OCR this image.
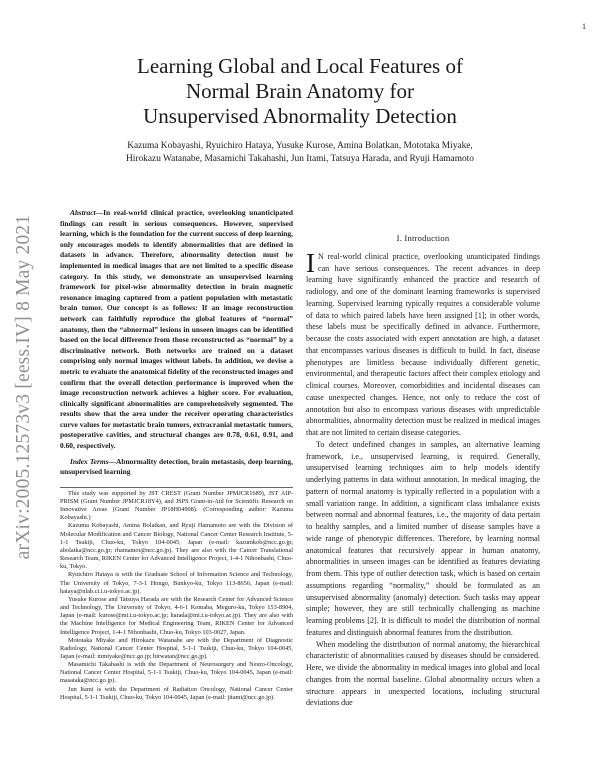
1
arXiv:2005.12573v3 [eess.IV] 8 May 2021
Learning Global and Local Features of
Normal Brain Anatomy for
Unsupervised Abnormality Detection
Kazuma Kobayashi, Ryuichiro Hataya, Yusuke Kurose, Amina Bolatkan, Mototaka Miyake,
Hirokazu Watanabe, Masamichi Takahashi, Jun Itami, Tatsuya Harada, and Ryuji Hamamoto

Abstract—In real-world clinical practice, overlooking unanticipated findings can result in serious consequences. However, supervised learning, which is the foundation for the current success of deep learning, only encourages models to identify abnormalities that are defined in datasets in advance. Therefore, abnormality detection must be implemented in medical images that are not limited to a specific disease category. In this study, we demonstrate an unsupervised learning framework for pixel-wise abnormality detection in brain magnetic resonance imaging captured from a patient population with metastatic brain tumor. Our concept is as follows: If an image reconstruction network can faithfully reproduce the global features of “normal” anatomy, then the “abnormal” lesions in unseen images can be identified based on the local difference from those reconstructed as “normal” by a discriminative network. Both networks are trained on a dataset comprising only normal images without labels. In addition, we devise a metric to evaluate the anatomical fidelity of the reconstructed images and confirm that the overall detection performance is improved when the image reconstruction network achieves a higher score. For evaluation, clinically significant abnormalities are comprehensively segmented. The results show that the area under the receiver operating characteristics curve values for metastatic brain tumors, extracranial metastatic tumors, postoperative cavities, and structural changes are 0.78, 0.61, 0.91, and 0.60, respectively.

Index Terms—Abnormality detection, brain metastasis, deep learning, unsupervised learning

This study was supported by JST CREST (Grant Number JPMJCR1689), JST AIP-PRISM (Grant Number JPMJCR18Y4), and JSPS Grant-in-Aid for Scientific Research on Innovative Areas (Grant Number JP18H04908). (Corresponding author: Kazuma Kobayashi.)

Kazuma Kobayashi, Amina Bolatkan, and Ryuji Hamamoto are with the Division of Molecular Modification and Cancer Biology, National Cancer Center Research Institute, 5-1-1 Tsukiji, Chuo-ku, Tokyo 104-0045, Japan (e-mail: kazumkob@ncc.go.jp; abolatka@ncc.go.jp; rhamamot@ncc.go.jp). They are also with the Cancer Translational Research Team, RIKEN Center for Advanced Intelligence Project, 1-4-1 Nihonbashi, Chuo-ku, Tokyo.

Ryuichiro Hataya is with the Graduate School of Information Science and Technology, The University of Tokyo, 7-3-1 Hongo, Bunkyo-ku, Tokyo 113-8656, Japan (e-mail: hataya@nlab.ci.i.u-tokyo.ac.jp).

Yusuke Kurose and Tatsuya Harada are with the Research Center for Advanced Science and Technology, The University of Tokyo, 4-6-1 Komaba, Meguro-ku, Tokyo 153-8904, Japan (e-mail: kurose@mi.t.u-tokyo.ac.jp; harada@mi.t.u-tokyo.ac.jp). They are also with the Machine Intelligence for Medical Engineering Team, RIKEN Center for Advanced Intelligence Project, 1-4-1 Nihonbashi, Chuo-ku, Tokyo 103-0027, Japan.

Mototaka Miyake and Hirokazu Watanabe are with the Department of Diagnostic Radiology, National Cancer Center Hospital, 5-1-1 Tsukiji, Chuo-ku, Tokyo 104-0045, Japan (e-mail: mmiyake@ncc.go.jp; hirwatan@ncc.go.jp).

Masamichi Takahashi is with the Department of Neurosurgery and Neuro-Oncology, National Cancer Center Hospital, 5-1-1 Tsukiji, Chuo-ku, Tokyo 104-0045, Japan (e-mail: masataka@ncc.go.jp).

Jun Itami is with the Department of Radiation Oncology, National Cancer Center Hospital, 5-1-1 Tsukiji, Chuo-ku, Tokyo 104-0045, Japan (e-mail: jitami@ncc.go.jp).

I. Introduction

I N real-world clinical practice, overlooking unanticipated findings can have serious consequences. The recent advances in deep learning have significantly enhanced the practice and research of radiology, and one of the dominant learning frameworks is supervised learning. Supervised learning typically requires a considerable volume of data to which paired labels have been assigned [1]; in other words, these labels must be specifically defined in advance. Furthermore, because the costs associated with expert annotation are high, a dataset that encompasses various diseases is difficult to build. In fact, disease phenotypes are limitless because individually different genetic, environmental, and therapeutic factors affect their complex etiology and clinical courses. Moreover, comorbidities and incidental diseases can cause unexpected changes. Hence, not only to reduce the cost of annotation but also to encompass various diseases with unpredictable abnormalities, abnormality detection must be realized in medical images that are not limited to certain disease categories.

To detect undefined changes in samples, an alternative learning framework, i.e., unsupervised learning, is required. Generally, unsupervised learning techniques aim to help models identify underlying patterns in data without annotation. In medical imaging, the pattern of normal anatomy is typically reflected in a population with a small variation range. In addition, a significant class imbalance exists between normal and abnormal features, i.e., the majority of data pertain to healthy samples, and a limited number of disease samples have a wide range of phenotypic differences. Therefore, by learning normal anatomical features that recursively appear in human anatomy, abnormalities in unseen images can be identified as features deviating from them. This type of outlier detection task, which is based on certain assumptions regarding “normality,” should be formulated as an unsupervised abnormality (anomaly) detection. Such tasks may appear simple; however, they are still technically challenging as machine learning problems [2]. It is difficult to model the distribution of normal features and distinguish abnormal features from the distribution.

When modeling the distribution of normal anatomy, the hierarchical characteristic of abnormalities caused by diseases should be considered. Here, we divide the abnormality in medical images into global and local changes from the normal baseline. Global abnormality occurs when a structure appears in unexpected locations, including structural deviations due
